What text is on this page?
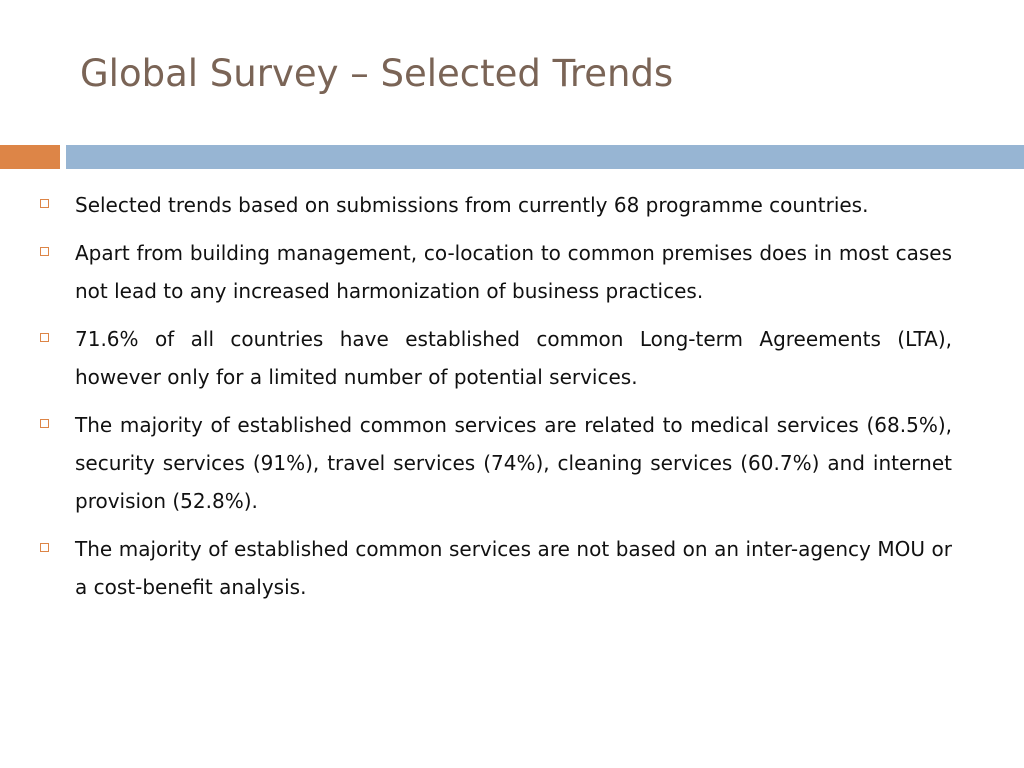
Global Survey – Selected Trends
Selected trends based on submissions from currently 68 programme countries.
Apart from building management, co-location to common premises does in most cases not lead to any increased harmonization of business practices.
71.6% of all countries have established common Long-term Agreements (LTA), however only for a limited number of potential services.
The majority of established common services are related to medical services (68.5%), security services (91%), travel services (74%), cleaning services (60.7%) and internet provision (52.8%).
The majority of established common services are not based on an inter-agency MOU or a cost-benefit analysis.
